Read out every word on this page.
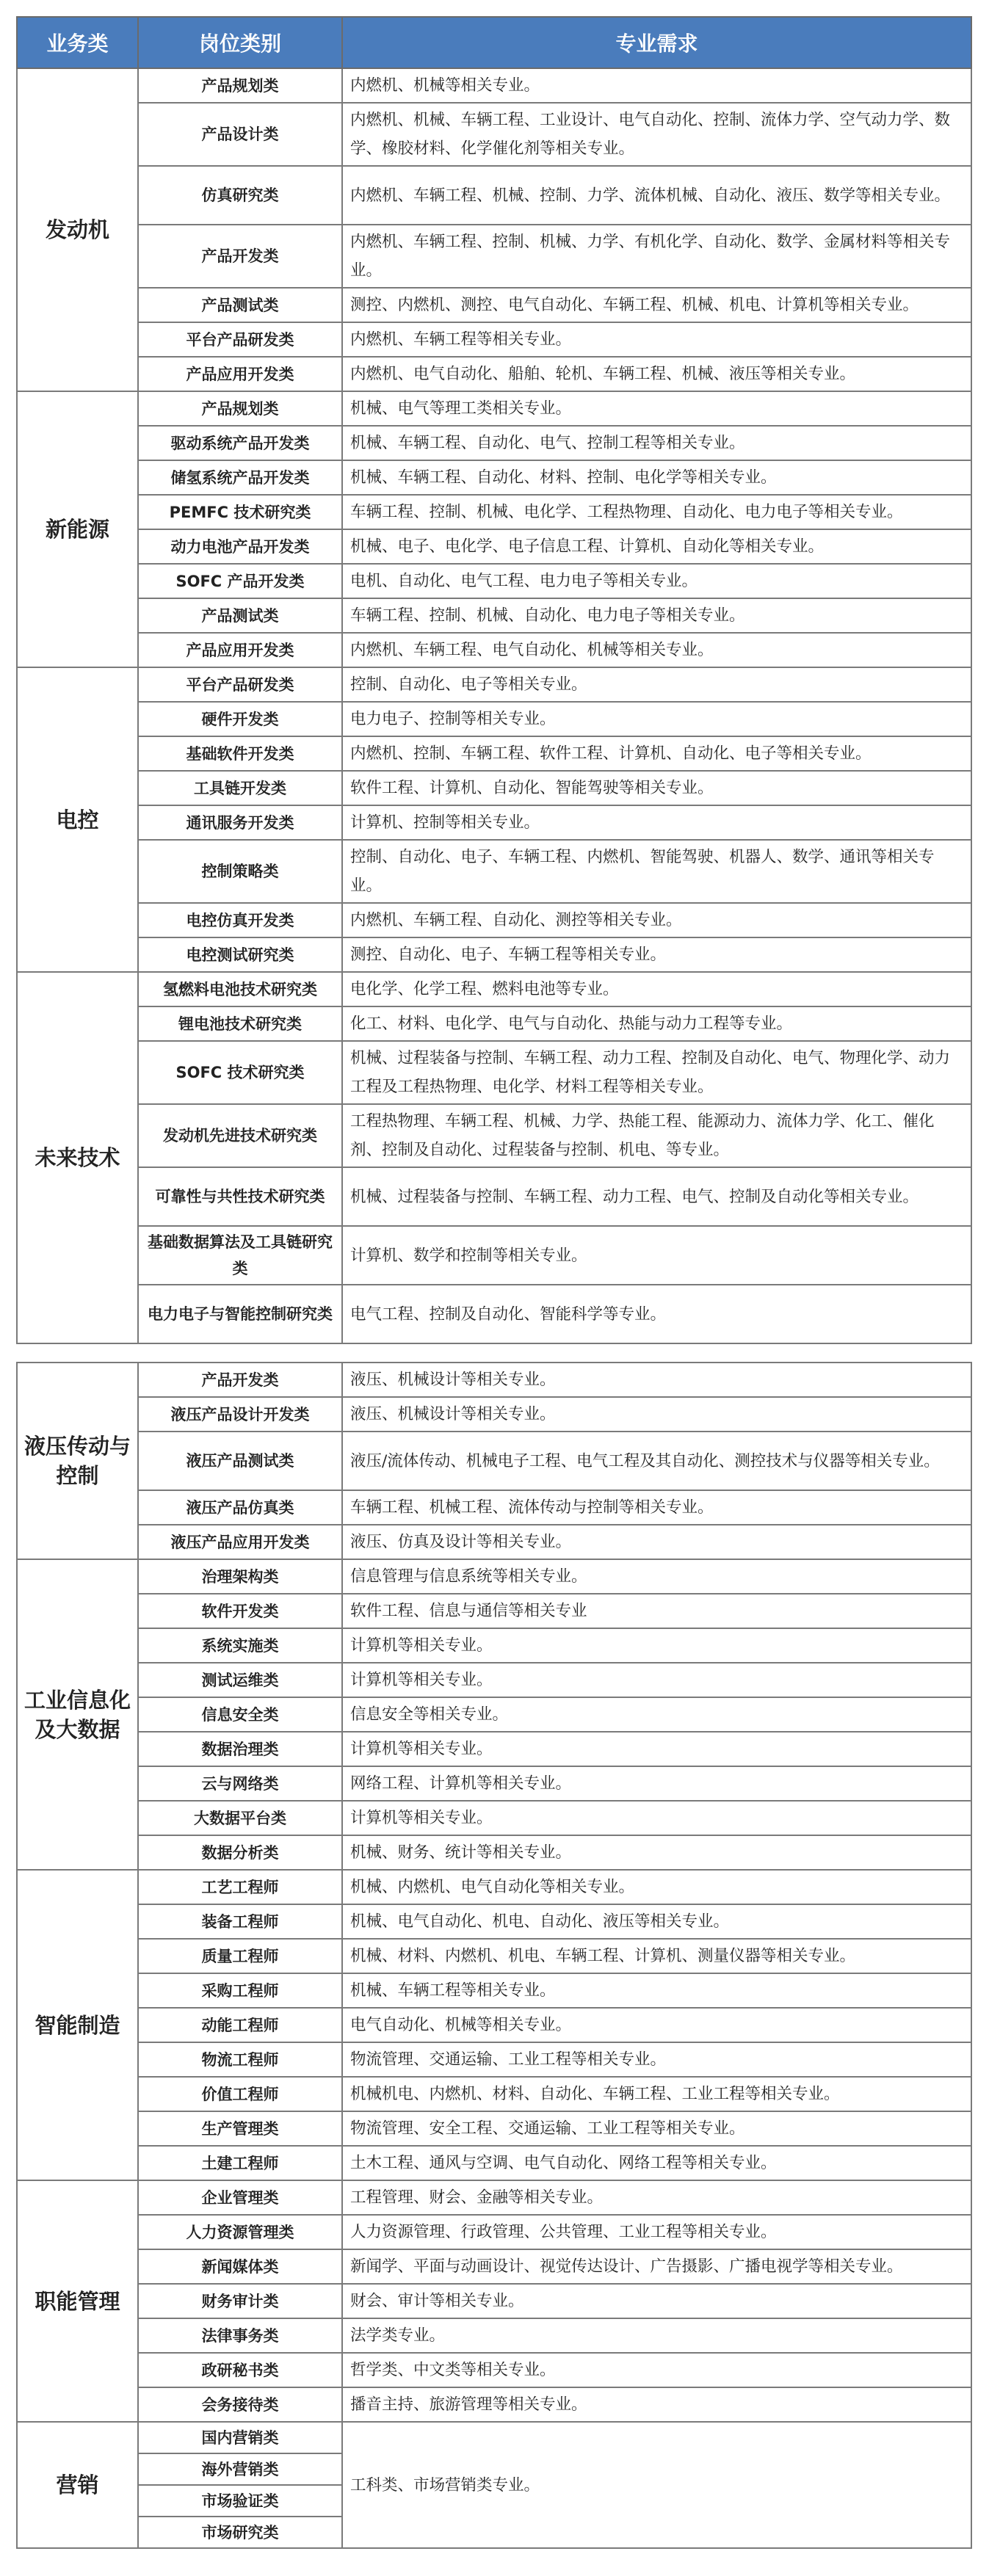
业务类	岗位类别	专业需求
发动机	产品规划类	内燃机、机械等相关专业。
	产品设计类	内燃机、机械、车辆工程、工业设计、电气自动化、控制、流体力学、空气动力学、数学、橡胶材料、化学催化剂等相关专业。
	仿真研究类	内燃机、车辆工程、机械、控制、力学、流体机械、自动化、液压、数学等相关专业。
	产品开发类	内燃机、车辆工程、控制、机械、力学、有机化学、自动化、数学、金属材料等相关专业。
	产品测试类	测控、内燃机、测控、电气自动化、车辆工程、机械、机电、计算机等相关专业。
	平台产品研发类	内燃机、车辆工程等相关专业。
	产品应用开发类	内燃机、电气自动化、船舶、轮机、车辆工程、机械、液压等相关专业。
新能源	产品规划类	机械、电气等理工类相关专业。
	驱动系统产品开发类	机械、车辆工程、自动化、电气、控制工程等相关专业。
	储氢系统产品开发类	机械、车辆工程、自动化、材料、控制、电化学等相关专业。
	PEMFC 技术研究类	车辆工程、控制、机械、电化学、工程热物理、自动化、电力电子等相关专业。
	动力电池产品开发类	机械、电子、电化学、电子信息工程、计算机、自动化等相关专业。
	SOFC 产品开发类	电机、自动化、电气工程、电力电子等相关专业。
	产品测试类	车辆工程、控制、机械、自动化、电力电子等相关专业。
	产品应用开发类	内燃机、车辆工程、电气自动化、机械等相关专业。
电控	平台产品研发类	控制、自动化、电子等相关专业。
	硬件开发类	电力电子、控制等相关专业。
	基础软件开发类	内燃机、控制、车辆工程、软件工程、计算机、自动化、电子等相关专业。
	工具链开发类	软件工程、计算机、自动化、智能驾驶等相关专业。
	通讯服务开发类	计算机、控制等相关专业。
	控制策略类	控制、自动化、电子、车辆工程、内燃机、智能驾驶、机器人、数学、通讯等相关专业。
	电控仿真开发类	内燃机、车辆工程、自动化、测控等相关专业。
	电控测试研究类	测控、自动化、电子、车辆工程等相关专业。
未来技术	氢燃料电池技术研究类	电化学、化学工程、燃料电池等专业。
	锂电池技术研究类	化工、材料、电化学、电气与自动化、热能与动力工程等专业。
	SOFC 技术研究类	机械、过程装备与控制、车辆工程、动力工程、控制及自动化、电气、物理化学、动力工程及工程热物理、电化学、材料工程等相关专业。
	发动机先进技术研究类	工程热物理、车辆工程、机械、力学、热能工程、能源动力、流体力学、化工、催化剂、控制及自动化、过程装备与控制、机电、等专业。
	可靠性与共性技术研究类	机械、过程装备与控制、车辆工程、动力工程、电气、控制及自动化等相关专业。
	基础数据算法及工具链研究类	计算机、数学和控制等相关专业。
	电力电子与智能控制研究类	电气工程、控制及自动化、智能科学等专业。
液压传动与控制	产品开发类	液压、机械设计等相关专业。
	液压产品设计开发类	液压、机械设计等相关专业。
	液压产品测试类	液压/流体传动、机械电子工程、电气工程及其自动化、测控技术与仪器等相关专业。
	液压产品仿真类	车辆工程、机械工程、流体传动与控制等相关专业。
	液压产品应用开发类	液压、仿真及设计等相关专业。
工业信息化及大数据	治理架构类	信息管理与信息系统等相关专业。
	软件开发类	软件工程、信息与通信等相关专业
	系统实施类	计算机等相关专业。
	测试运维类	计算机等相关专业。
	信息安全类	信息安全等相关专业。
	数据治理类	计算机等相关专业。
	云与网络类	网络工程、计算机等相关专业。
	大数据平台类	计算机等相关专业。
	数据分析类	机械、财务、统计等相关专业。
智能制造	工艺工程师	机械、内燃机、电气自动化等相关专业。
	装备工程师	机械、电气自动化、机电、自动化、液压等相关专业。
	质量工程师	机械、材料、内燃机、机电、车辆工程、计算机、测量仪器等相关专业。
	采购工程师	机械、车辆工程等相关专业。
	动能工程师	电气自动化、机械等相关专业。
	物流工程师	物流管理、交通运输、工业工程等相关专业。
	价值工程师	机械机电、内燃机、材料、自动化、车辆工程、工业工程等相关专业。
	生产管理类	物流管理、安全工程、交通运输、工业工程等相关专业。
	土建工程师	土木工程、通风与空调、电气自动化、网络工程等相关专业。
职能管理	企业管理类	工程管理、财会、金融等相关专业。
	人力资源管理类	人力资源管理、行政管理、公共管理、工业工程等相关专业。
	新闻媒体类	新闻学、平面与动画设计、视觉传达设计、广告摄影、广播电视学等相关专业。
	财务审计类	财会、审计等相关专业。
	法律事务类	法学类专业。
	政研秘书类	哲学类、中文类等相关专业。
	会务接待类	播音主持、旅游管理等相关专业。
营销	国内营销类	工科类、市场营销类专业。
	海外营销类	
	市场验证类	
	市场研究类	
